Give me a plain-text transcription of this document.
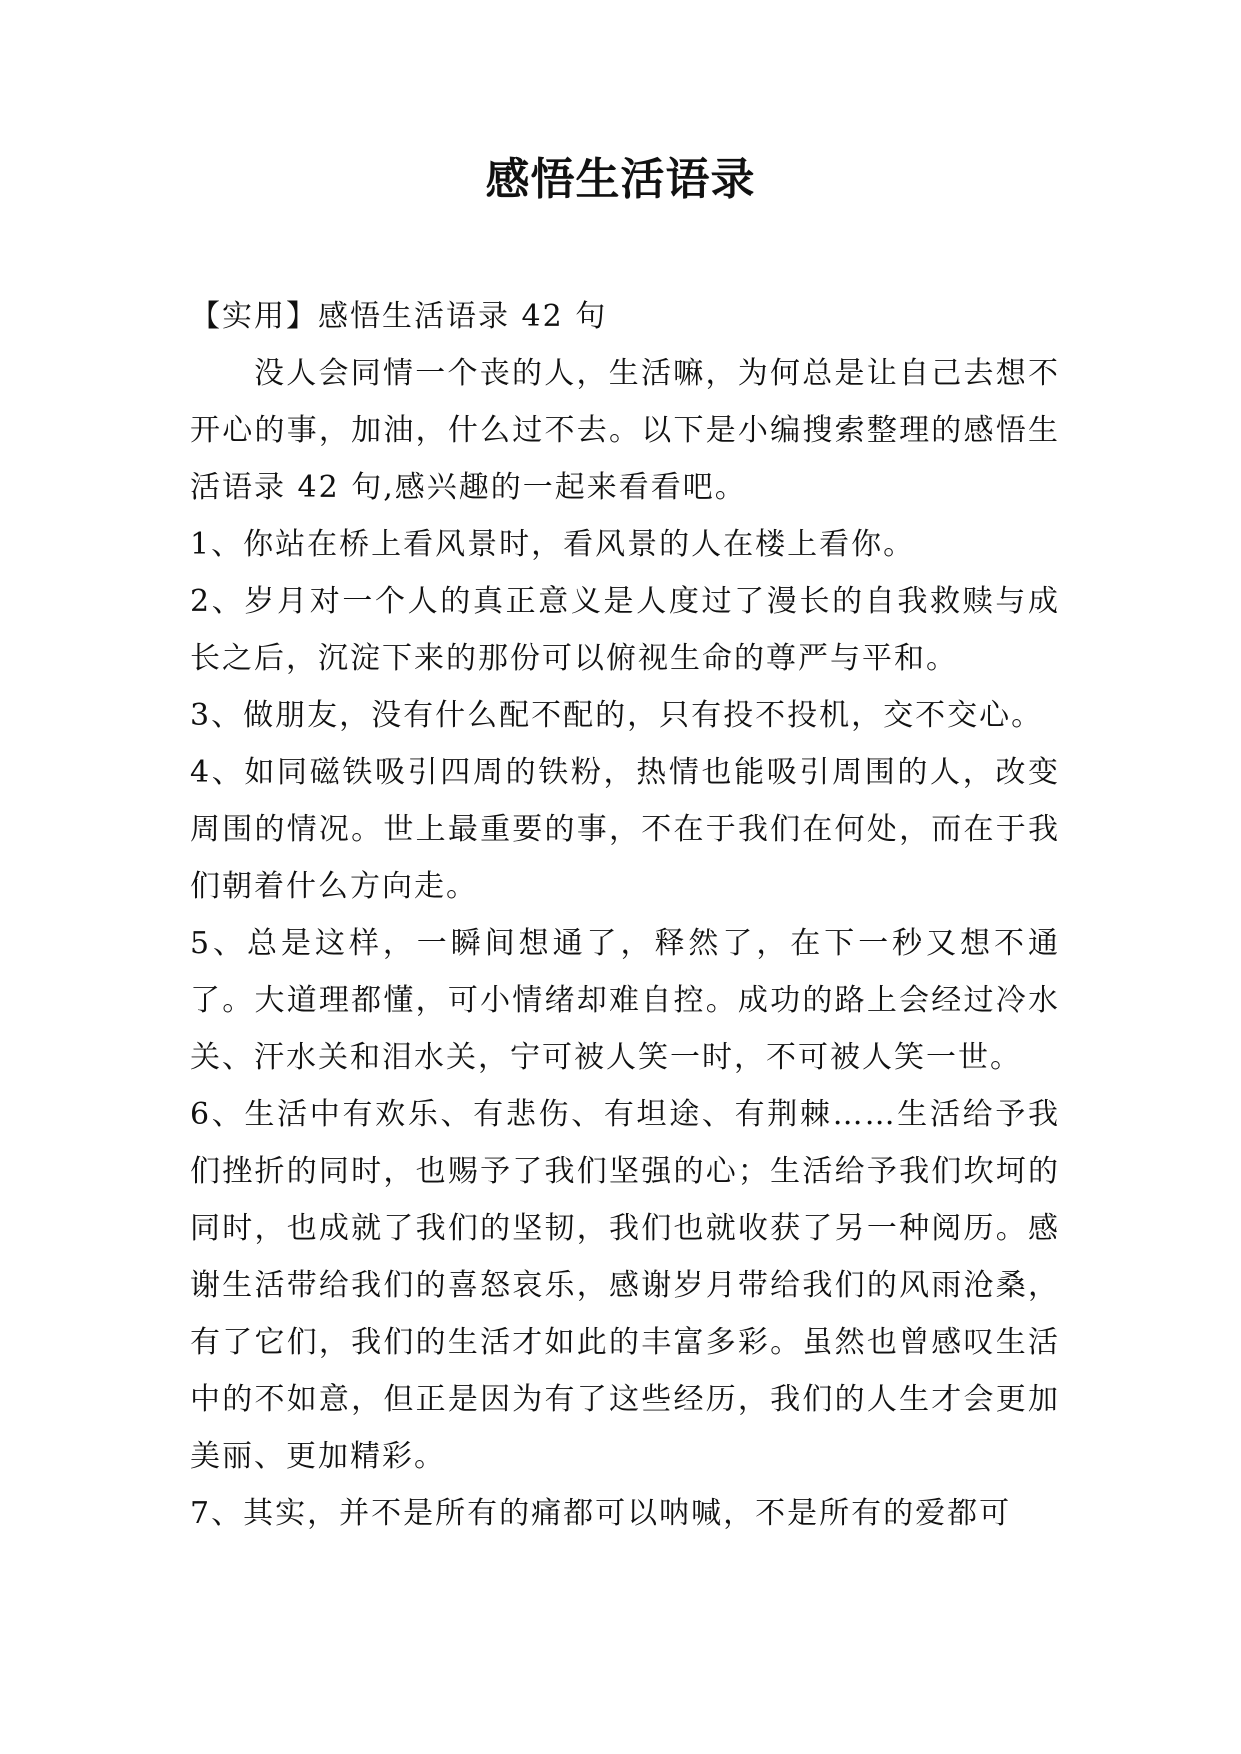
感悟生活语录

【实用】感悟生活语录 42 句

没人会同情一个丧的人，生活嘛，为何总是让自己去想不开心的事，加油，什么过不去。以下是小编搜索整理的感悟生活语录 42 句,感兴趣的一起来看看吧。

1、你站在桥上看风景时，看风景的人在楼上看你。

2、岁月对一个人的真正意义是人度过了漫长的自我救赎与成长之后，沉淀下来的那份可以俯视生命的尊严与平和。

3、做朋友，没有什么配不配的，只有投不投机，交不交心。

4、如同磁铁吸引四周的铁粉，热情也能吸引周围的人，改变周围的情况。世上最重要的事，不在于我们在何处，而在于我们朝着什么方向走。

5、总是这样，一瞬间想通了，释然了，在下一秒又想不通了。大道理都懂，可小情绪却难自控。成功的路上会经过冷水关、汗水关和泪水关，宁可被人笑一时，不可被人笑一世。

6、生活中有欢乐、有悲伤、有坦途、有荆棘……生活给予我们挫折的同时，也赐予了我们坚强的心；生活给予我们坎坷的同时，也成就了我们的坚韧，我们也就收获了另一种阅历。感谢生活带给我们的喜怒哀乐，感谢岁月带给我们的风雨沧桑，有了它们，我们的生活才如此的丰富多彩。虽然也曾感叹生活中的不如意，但正是因为有了这些经历，我们的人生才会更加美丽、更加精彩。

7、其实，并不是所有的痛都可以呐喊，不是所有的爱都可
